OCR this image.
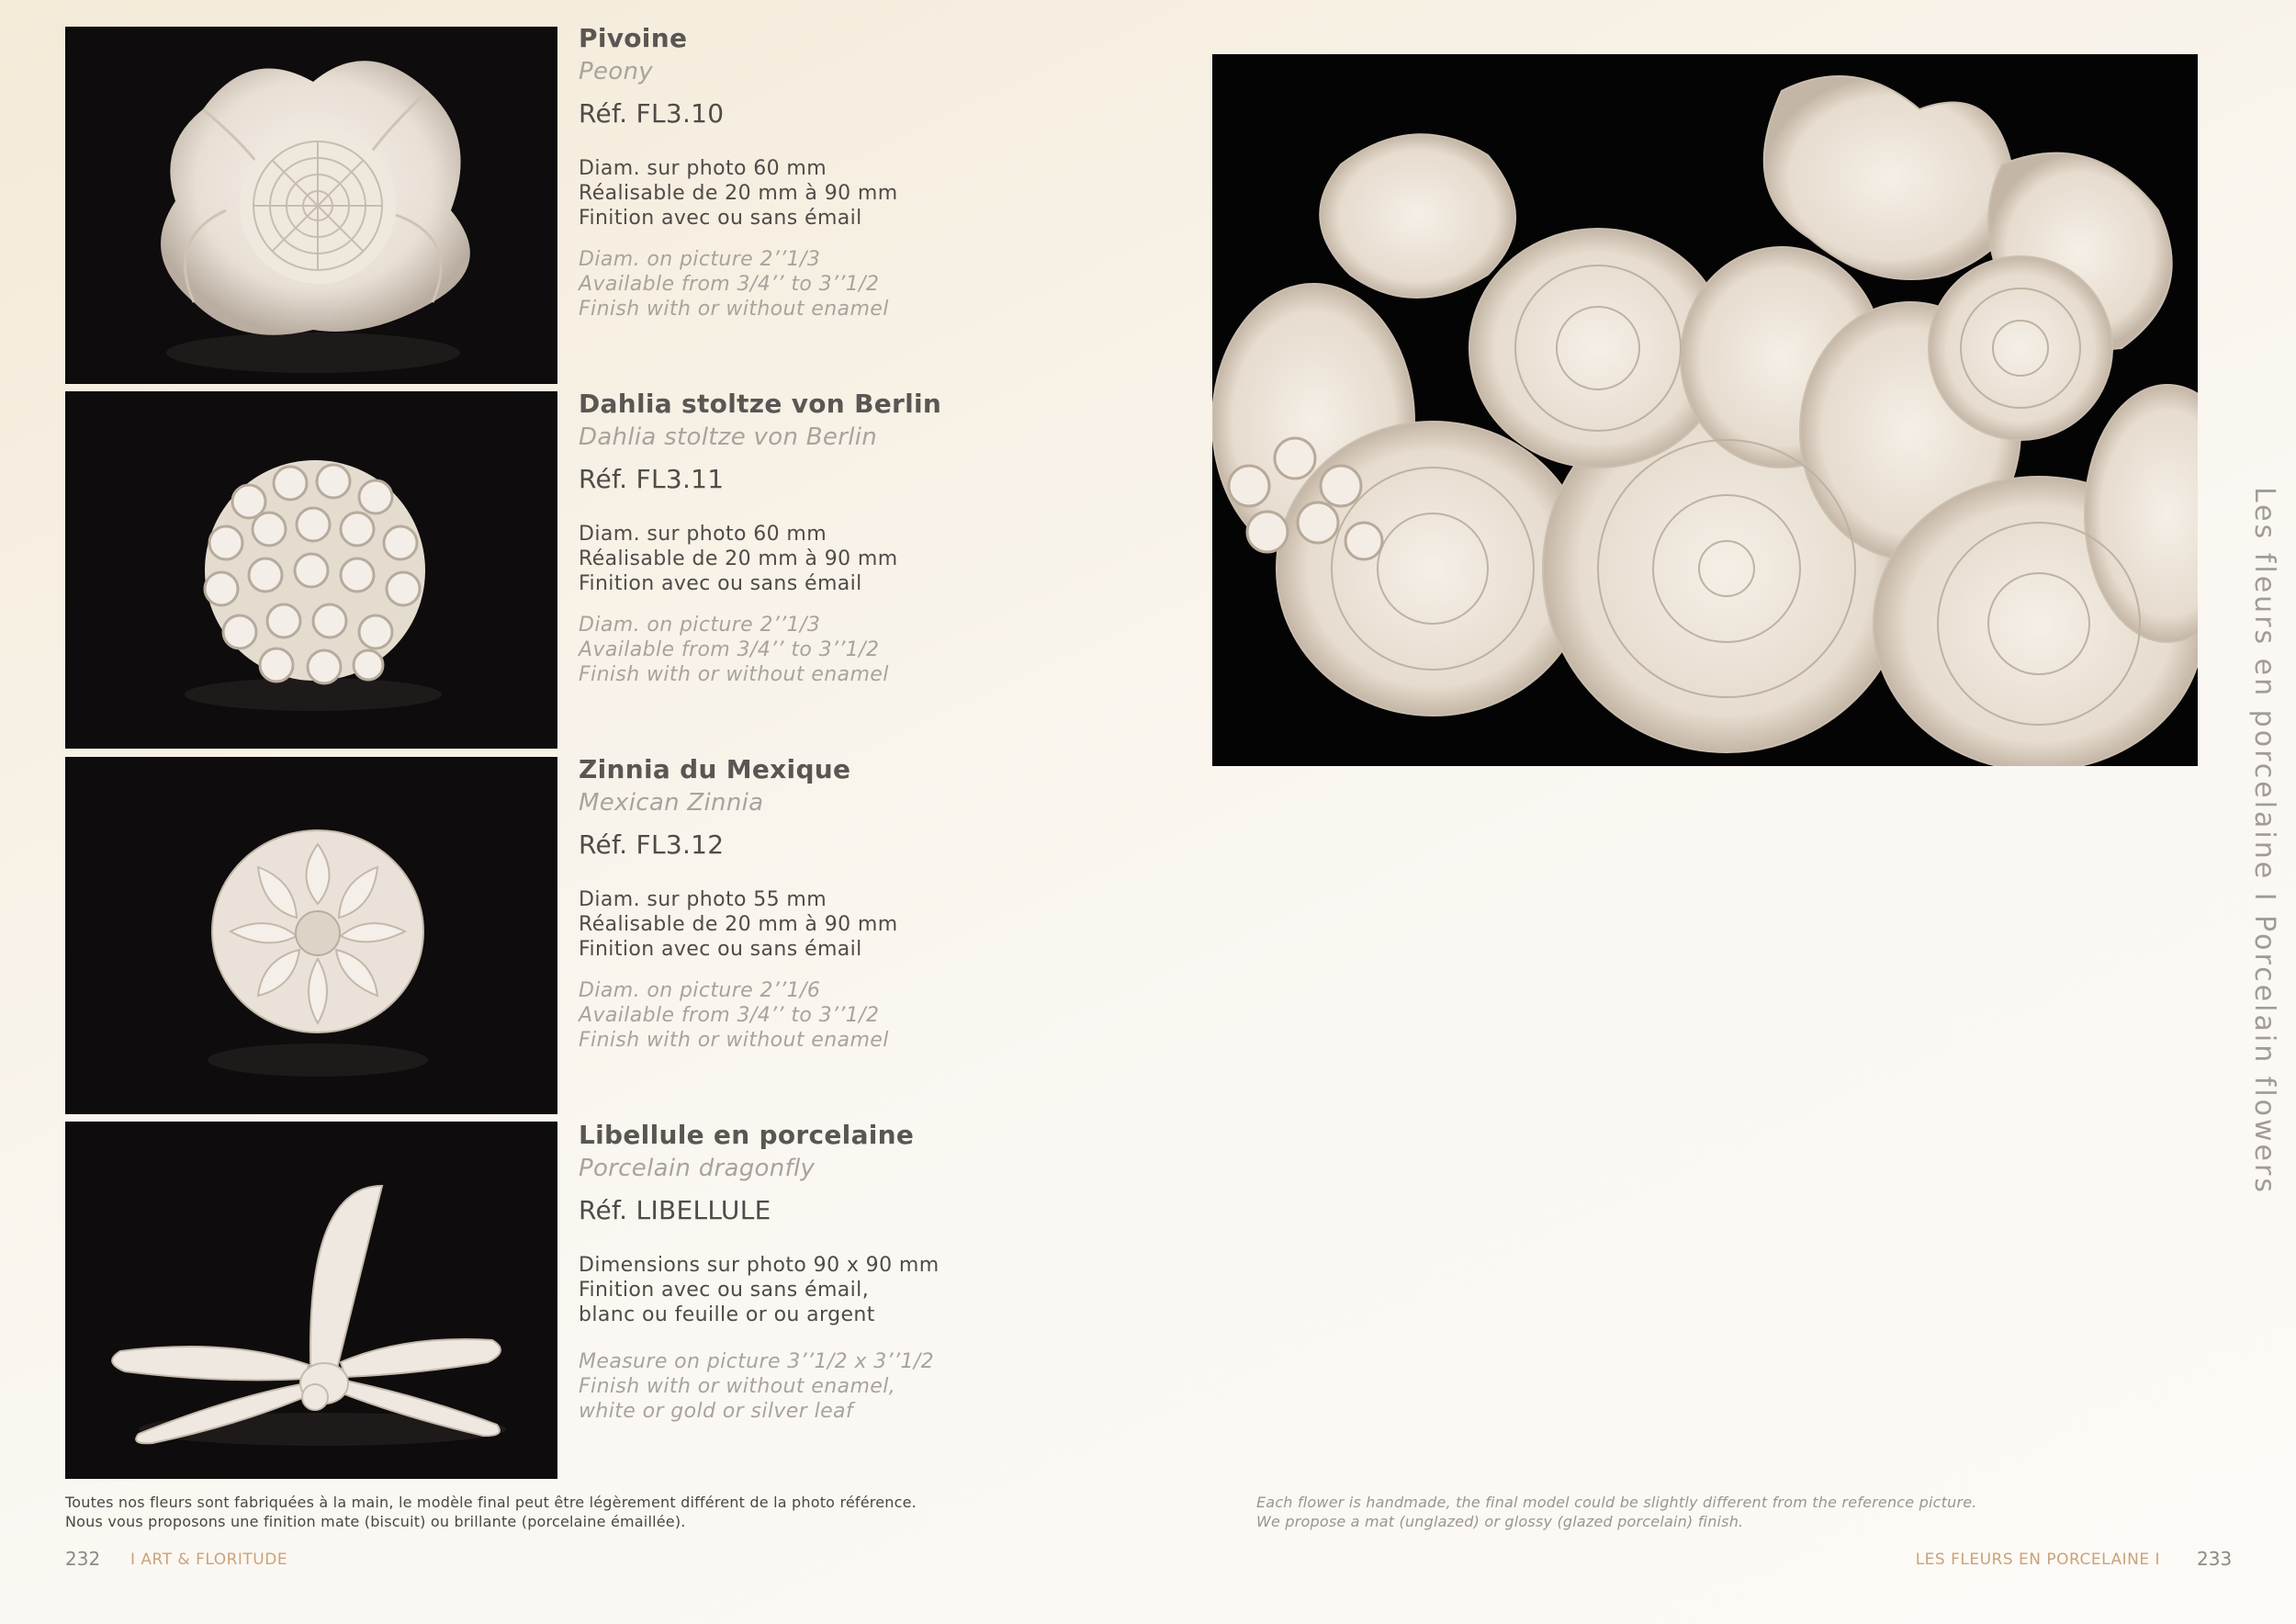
Pivoine
Peony
Réf. FL3.10
Diam. sur photo 60 mm
Réalisable de 20 mm à 90 mm
Finition avec ou sans émail
Diam. on picture 2’’1/3
Available from 3/4’’ to 3’’1/2
Finish with or without enamel
Dahlia stoltze von Berlin
Dahlia stoltze von Berlin
Réf. FL3.11
Diam. sur photo 60 mm
Réalisable de 20 mm à 90 mm
Finition avec ou sans émail
Diam. on picture 2’’1/3
Available from 3/4’’ to 3’’1/2
Finish with or without enamel
Zinnia du Mexique
Mexican Zinnia
Réf. FL3.12
Diam. sur photo 55 mm
Réalisable de 20 mm à 90 mm
Finition avec ou sans émail
Diam. on picture 2’’1/6
Available from 3/4’’ to 3’’1/2
Finish with or without enamel
Libellule en porcelaine
Porcelain dragonfly
Réf. LIBELLULE
Dimensions sur photo 90 x 90 mm
Finition avec ou sans émail,
blanc ou feuille or ou argent
Measure on picture 3’’1/2 x 3’’1/2
Finish with or without enamel,
white or gold or silver leaf
Les fleurs en porcelaine I Porcelain flowers
Toutes nos fleurs sont fabriquées à la main, le modèle final peut être légèrement différent de la photo référence.
Nous vous proposons une finition mate (biscuit) ou brillante (porcelaine émaillée).
Each flower is handmade, the final model could be slightly different from the reference picture.
We propose a mat (unglazed) or glossy (glazed porcelain) finish.
232 I ART & FLORITUDE	LES FLEURS EN PORCELAINE I 233
